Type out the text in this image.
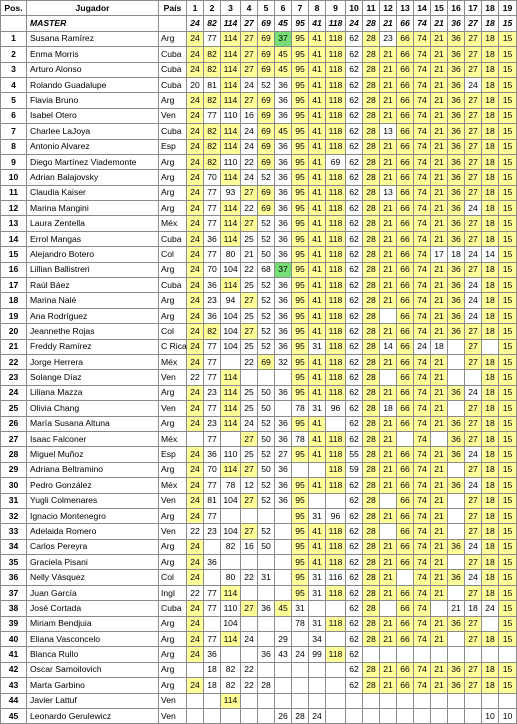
Pos.	Jugador	País	1	2	3	4	5	6	7	8	9	10	11	12	13	14	15	16	17	18	19
	MASTER		24	82	114	27	69	45	95	41	118	24	28	21	66	74	21	36	27	18	15
1	Susana Ramírez	Arg	24	77	114	27	69	37	95	41	118	62	28	23	66	74	21	36	27	18	15
2	Enma Morris	Cuba	24	82	114	27	69	45	95	41	118	62	28	21	66	74	21	36	27	18	15
3	Arturo Alonso	Cuba	24	82	114	27	69	45	95	41	118	62	28	21	66	74	21	36	27	18	15
4	Rolando Guadalupe	Cuba	20	81	114	24	52	36	95	41	118	62	28	21	66	74	21	36	24	18	15
5	Flavia Bruno	Arg	24	82	114	27	69	36	95	41	118	62	28	21	66	74	21	36	27	18	15
6	Isabel Otero	Ven	24	77	110	16	69	36	95	41	118	62	28	21	66	74	21	36	27	18	15
7	Charlee LaJoya	Cuba	24	82	114	24	69	45	95	41	118	62	28	13	66	74	21	36	27	18	15
8	Antonio Alvarez	Esp	24	82	114	24	69	36	95	41	118	62	28	21	66	74	21	36	27	18	15
9	Diego Martínez Viademonte	Arg	24	82	110	22	69	36	95	41	69	62	28	21	66	74	21	36	27	18	15
10	Adrian Balajovsky	Arg	24	70	114	24	52	36	95	41	118	62	28	21	66	74	21	36	27	18	15
11	Claudia Kaiser	Arg	24	77	93	27	69	36	95	41	118	62	28	13	66	74	21	36	27	18	15
12	Marina Mangini	Arg	24	77	114	22	69	36	95	41	118	62	28	21	66	74	21	36	24	18	15
13	Laura Zentella	Méx	24	77	114	27	52	36	95	41	118	62	28	21	66	74	21	36	27	18	15
14	Errol Mangas	Cuba	24	36	114	25	52	36	95	41	118	62	28	21	66	74	21	36	27	18	15
15	Alejandro Botero	Col	24	77	80	21	50	36	95	41	118	62	28	21	66	74	17	18	24	14	15
16	Lillian Ballistreri	Arg	24	70	104	22	68	37	95	41	118	62	28	21	66	74	21	36	27	18	15
17	Raúl Báez	Cuba	24	36	114	25	52	36	95	41	118	62	28	21	66	74	21	36	24	18	15
18	Marina Nalé	Arg	24	23	94	27	52	36	95	41	118	62	28	21	66	74	21	36	24	18	15
19	Ana Rodríguez	Arg	24	36	104	25	52	36	95	41	118	62	28		66	74	21	36	24	18	15
20	Jeannethe Rojas	Col	24	82	104	27	52	36	95	41	118	62	28	21	66	74	21	36	27	18	15
21	Freddy Ramírez	C Rica	24	77	104	25	52	36	95	31	118	62	28	14	66	24	18		27		15
22	Jorge Herrera	Méx	24	77		22	69	32	95	41	118	62	28	21	66	74	21		27	18	15
23	Solange Díaz	Ven	22	77	114				95	41	118	62	28		66	74	21			18	15
24	Liliana Mazza	Arg	24	23	114	25	50	36	95	41	118	62	28	21	66	74	21	36	24	18	15
25	Olivia Chang	Ven	24	77	114	25	50		78	31	96	62	28	18	66	74	21		27	18	15
26	María Susana Altuna	Arg	24	23	114	24	52	36	95	41		62	28	21	66	74	21	36	27	18	15
27	Isaac Falconer	Méx		77		27	50	36	78	41	118	62	28	21		74		36	27	18	15
28	Miguel Muñoz	Esp	24	36	110	25	52	27	95	41	118	55	28	21	66	74	21	36	24	18	15
29	Adriana Beltramino	Arg	24	70	114	27	50	36			118	59	28	21	66	74	21		27	18	15
30	Pedro González	Méx	24	77	78	12	52	36	95	41	118	62	28	21	66	74	21	36	24	18	15
31	Yugli Colmenares	Ven	24	81	104	27	52	36	95			62	28		66	74	21		27	18	15
32	Ignacio Montenegro	Arg	24	77					95	31	96	62	28	21	66	74	21		27	18	15
33	Adelaida Romero	Ven	22	23	104	27	52		95	41	118	62	28		66	74	21		27	18	15
34	Carlos Pereyra	Arg	24		82	16	50		95	41	118	62	28	21	66	74	21	36	24	18	15
35	Graciela Pisani	Arg	24	36					95	41	118	62	28	21	66	74	21		27	18	15
36	Nelly Vásquez	Col	24		80	22	31		95	31	116	62	28	21		74	21	36	24	18	15
37	Juan García	Ingl	22	77	114				95	31	118	62	28	21	66	74	21		27	18	15
38	José Cortada	Cuba	24	77	110	27	36	45	31			62	28		66	74		21	18	24	15
39	Miriam Bendjuia	Arg	24		104				78	31	118	62	28	21	66	74	21	36	27		15
40	Eliana Vasconcelo	Arg	24	77	114	24		29		34		62	28	21	66	74	21		27	18	15
41	Blanca Rullo	Arg	24	36			36	43	24	99	118	62									
42	Oscar Samoilovich	Arg		18	82	22						62	28	21	66	74	21	36	27	18	15
43	Marta Garbino	Arg	24	18	82	22	28					62	28	21	66	74	21	36	27	18	15
44	Javier Lattuf	Ven			114																
45	Leonardo Gerulewicz	Ven						26	28	24										10	10
